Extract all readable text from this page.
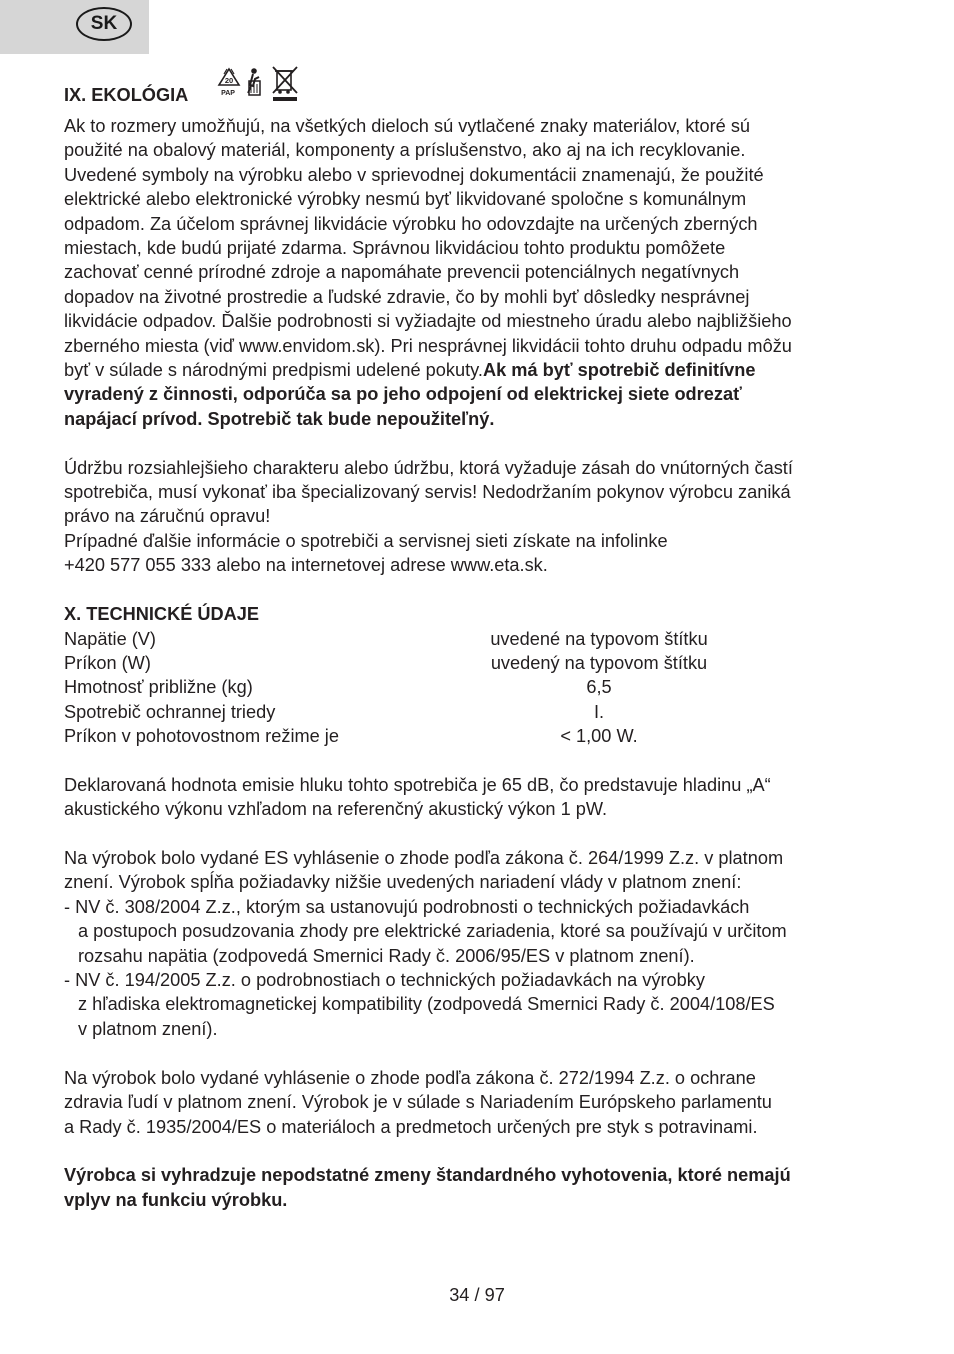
SK
IX. EKOLÓGIA
20
PAP

Ak to rozmery umožňujú, na všetkých dieloch sú vytlačené znaky materiálov, ktoré sú

použité na obalový materiál, komponenty a príslušenstvo, ako aj na ich recyklovanie.

Uvedené symboly na výrobku alebo v sprievodnej dokumentácii znamenajú, že použité

elektrické alebo elektronické výrobky nesmú byť likvidované spoločne s komunálnym

odpadom. Za účelom správnej likvidácie výrobku ho odovzdajte na určených zberných

miestach, kde budú prijaté zdarma. Správnou likvidáciou tohto produktu pomôžete

zachovať cenné prírodné zdroje a napomáhate prevencii potenciálnych negatívnych

dopadov na životné prostredie a ľudské zdravie, čo by mohli byť dôsledky nesprávnej

likvidácie odpadov. Ďalšie podrobnosti si vyžiadajte od miestneho úradu alebo najbližšieho

zberného miesta (viď www.envidom.sk). Pri nesprávnej likvidácii tohto druhu odpadu môžu

byť v súlade s národnými predpismi udelené pokuty.Ak má byť spotrebič definitívne

vyradený z činnosti, odporúča sa po jeho odpojení od elektrickej siete odrezať

napájací prívod. Spotrebič tak bude nepoužiteľný.

Údržbu rozsiahlejšieho charakteru alebo údržbu, ktorá vyžaduje zásah do vnútorných častí

spotrebiča, musí vykonať iba špecializovaný servis! Nedodržaním pokynov výrobcu zaniká

právo na záručnú opravu!

Prípadné ďalšie informácie o spotrebiči a servisnej sieti získate na infolinke

+420 577 055 333 alebo na internetovej adrese www.eta.sk.

X. TECHNICKÉ ÚDAJE

Napätie (V)	uvedené na typovom štítku
Príkon (W)	uvedený na typovom štítku
Hmotnosť približne (kg)	6,5
Spotrebič ochrannej triedy	I.
Príkon v pohotovostnom režime je	< 1,00 W.

Deklarovaná hodnota emisie hluku tohto spotrebiča je 65 dB, čo predstavuje hladinu „A“

akustického výkonu vzhľadom na referenčný akustický výkon 1 pW.

Na výrobok bolo vydané ES vyhlásenie o zhode podľa zákona č. 264/1999 Z.z. v platnom

znení. Výrobok spĺňa požiadavky nižšie uvedených nariadení vlády v platnom znení:

- NV č. 308/2004 Z.z., ktorým sa ustanovujú podrobnosti o technických požiadavkách

a postupoch posudzovania zhody pre elektrické zariadenia, ktoré sa používajú v určitom

rozsahu napätia (zodpovedá Smernici Rady č. 2006/95/ES v platnom znení).

- NV č. 194/2005 Z.z. o podrobnostiach o technických požiadavkách na výrobky

z hľadiska elektromagnetickej kompatibility (zodpovedá Smernici Rady č. 2004/108/ES

v platnom znení).

Na výrobok bolo vydané vyhlásenie o zhode podľa zákona č. 272/1994 Z.z. o ochrane

zdravia ľudí v platnom znení. Výrobok je v súlade s Nariadením Európskeho parlamentu

a Rady č. 1935/2004/ES o materiáloch a predmetoch určených pre styk s potravinami.

Výrobca si vyhradzuje nepodstatné zmeny štandardného vyhotovenia, ktoré nemajú

vplyv na funkciu výrobku.

34 / 97
